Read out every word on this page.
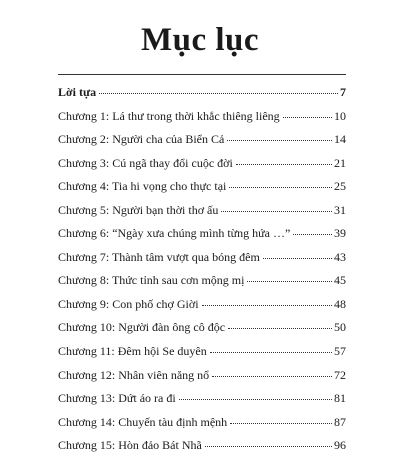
Mục lục
Lời tựa	7
Chương 1: Lá thư trong thời khắc thiêng liêng	10
Chương 2: Người cha của Biển Cả	14
Chương 3: Cú ngã thay đổi cuộc đời	21
Chương 4: Tia hi vọng cho thực tại	25
Chương 5: Người bạn thời thơ ấu	31
Chương 6: “Ngày xưa chúng mình từng hứa …”	39
Chương 7: Thành tâm vượt qua bóng đêm	43
Chương 8: Thức tỉnh sau cơn mộng mị	45
Chương 9: Con phố chợ Giời	48
Chương 10: Người đàn ông cô độc	50
Chương 11: Đêm hội Se duyên	57
Chương 12: Nhân viên năng nổ	72
Chương 13: Dứt áo ra đi	81
Chương 14: Chuyến tàu định mệnh	87
Chương 15: Hòn đảo Bát Nhã	96
